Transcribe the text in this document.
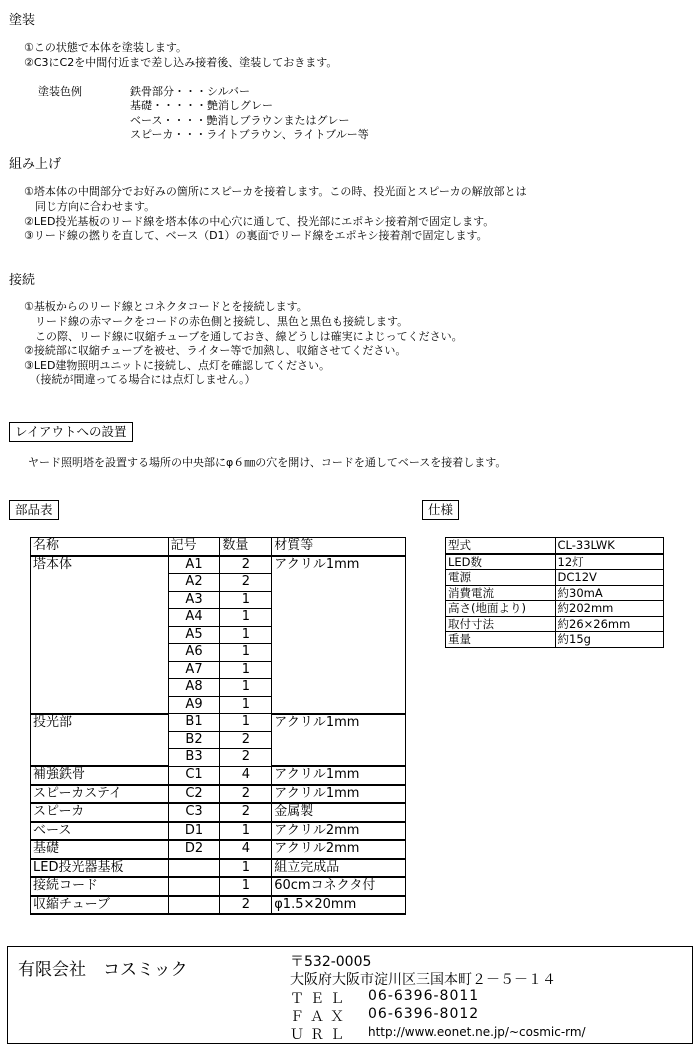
塗装
①この状態で本体を塗装します。
②C3にC2を中間付近まで差し込み接着後、塗装しておきます。
塗装色例	鉄骨部分・・・シルバー
基礎・・・・・艶消しグレー
ベース・・・・艶消しブラウンまたはグレー
スピーカ・・・ライトブラウン、ライトブルー等
組み上げ
①塔本体の中間部分でお好みの箇所にスピーカを接着します。この時、投光面とスピーカの解放部とは
　同じ方向に合わせます。
②LED投光基板のリード線を塔本体の中心穴に通して、投光部にエポキシ接着剤で固定します。
③リード線の撚りを直して、ベース（D1）の裏面でリード線をエポキシ接着剤で固定します。
接続
①基板からのリード線とコネクタコードとを接続します。
　リード線の赤マークをコードの赤色側と接続し、黒色と黒色も接続します。
　この際、リード線に収縮チューブを通しておき、線どうしは確実によじってください。
②接続部に収縮チューブを被せ、ライター等で加熱し、収縮させてください。
③LED建物照明ユニットに接続し、点灯を確認してください。
　（接続が間違ってる場合には点灯しません。）
レイアウトへの設置
ヤード照明塔を設置する場所の中央部にφ６㎜の穴を開け、コードを通してベースを接着します。
部品表	仕様
名称	記号	数量	材質等
塔本体	A1	2	アクリル1mm
	A2	2	
	A3	1	
	A4	1	
	A5	1	
	A6	1	
	A7	1	
	A8	1	
	A9	1	
投光部	B1	1	アクリル1mm
	B2	2	
	B3	2	
補強鉄骨	C1	4	アクリル1mm
スピーカステイ	C2	2	アクリル1mm
スピーカ	C3	2	金属製
ベース	D1	1	アクリル2mm
基礎	D2	4	アクリル2mm
LED投光器基板		1	組立完成品
接続コード		1	60cmコネクタ付
収縮チューブ		2	φ1.5×20mm
型式	CL-33LWK
LED数	12灯
電源	DC12V
消費電流	約30mA
高さ(地面より)	約202mm
取付寸法	約26×26mm
重量	約15g
有限会社　コスミック	〒532-0005
大阪府大阪市淀川区三国本町２－５－１４
ＴＥＬ 06-6396-8011
ＦＡＸ 06-6396-8012
ＵＲＬ http://www.eonet.ne.jp/~cosmic-rm/
